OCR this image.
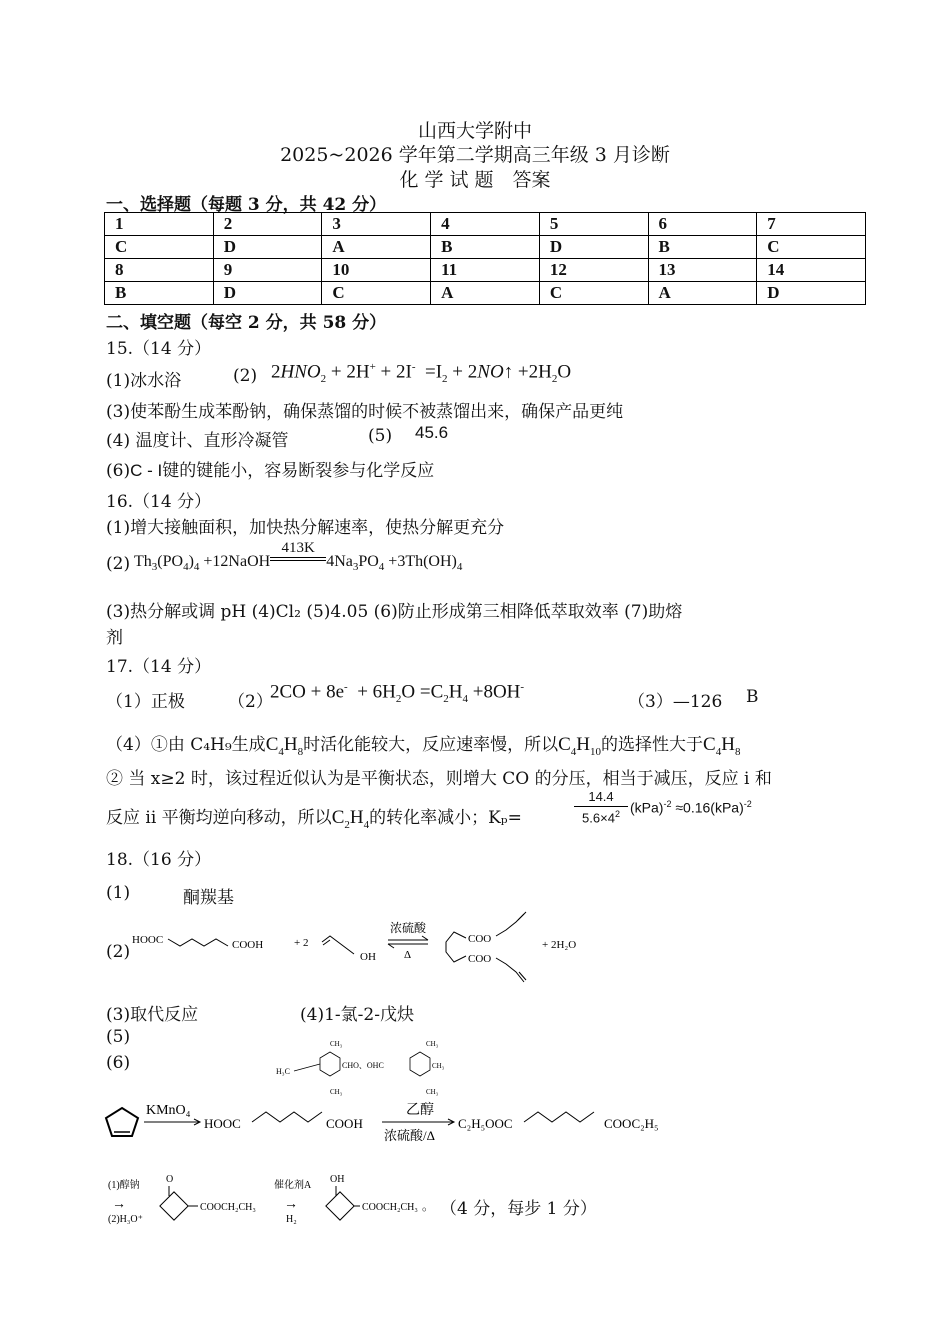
山西大学附中
2025~2026 学年第二学期高三年级 3 月诊断
化 学 试 题　答案
一、选择题（每题 3 分，共 42 分）
1	2	3	4	5	6	7
C	D	A	B	D	B	C
8	9	10	11	12	13	14
B	D	C	A	C	A	D
二、填空题（每空 2 分，共 58 分）
15.（14 分）
(1)冰水浴	(2) $2HNO_2 + 2H^+ + 2I^- =I_2$ + 2NO↑ $+2H_2O$
(3)使苯酚生成苯酚钠，确保蒸馏的时候不被蒸馏出来，确保产品更纯
(4) 温度计、直形冷凝管	(5) 45.6
(6)C - I键的键能小，容易断裂参与化学反应
16.（14 分）
(1)增大接触面积，加快热分解速率，使热分解更充分
(2) $Th_3(PO_4)_4$ +12NaOH
413K
$4Na_3PO_4 +3Th(OH)_4$
(3)热分解或调 pH (4)Cl₂ (5)4.05 (6)防止形成第三相降低萃取效率 (7)助熔
剂
17.（14 分）
（1）正极	（2）
$2CO + 8e^- + 6H_2O =C_2H_4 +8OH^-$
（3）—126 B
（4）①由 C₄H₉生成$C_4H_8$时活化能较大，反应速率慢，所以$C_4H_{10}$的选择性大于$C_4H_8$
② 当 x≥2 时，该过程近似认为是平衡状态，则增大 CO 的分压，相当于减压，反应 i 和
反应 ii 平衡均逆向移动，所以$C_2H_4$的转化率减小；Kₚ=
14.4
$5.6\times 4^2$ (kPa)$^{-2}$ ≈0.16(kPa)$^{-2}$
18.（16 分）
(1)	酮羰基
(2)
HOOC	COOH	+ 2
OH
浓硫酸
Δ
COO
COO
+ 2H₂O
(3)取代反应	(4)1-氯-2-戊炔
(5)
(6)	H₃C
CH₃
CH₃
CHO、OHC
CH₃
CH₃
CH₃
KMnO₄
HOOC	COOH
乙醇
浓硫酸/Δ
C₂H₅OOC	COOC₂H₅
(1)醇钠
→
(2)H₃O⁺
O
COOCH₂CH₃
催化剂A
→
H₂
OH
COOCH₂CH₃ 。 （4 分，每步 1 分）
